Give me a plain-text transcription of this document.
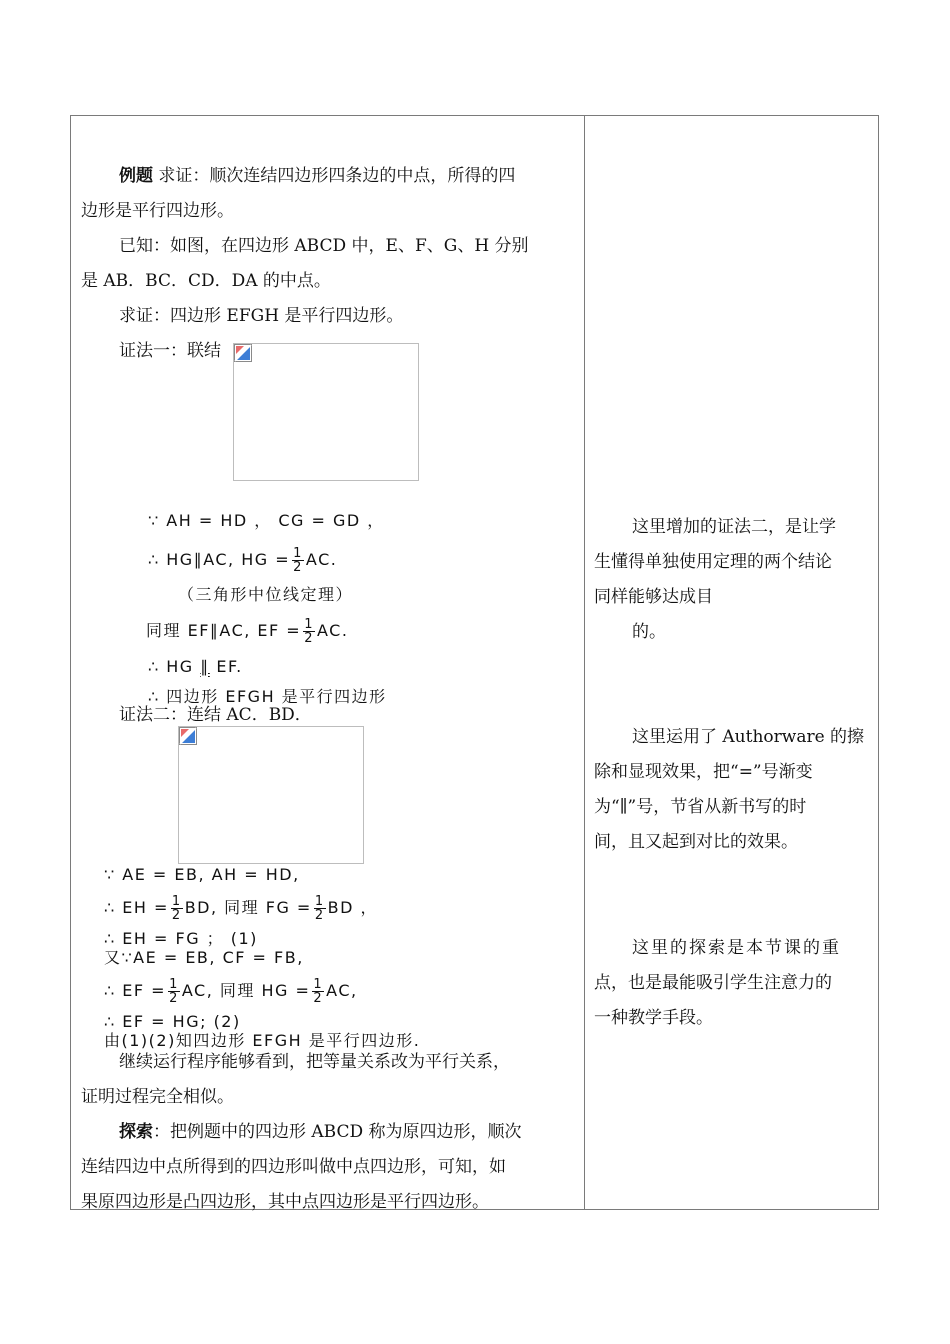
例题 求证：顺次连结四边形四条边的中点，所得的四
边形是平行四边形。
已知：如图，在四边形 ABCD 中，E、F、G、H 分别
是 AB．BC．CD．DA 的中点。
求证：四边形 EFGH 是平行四边形。
证法一：联结
∵ AH = HD ， CG = GD ，
∴ HG∥AC, HG = $\frac{1}{2}$ AC.
（三角形中位线定理）
同理 EF∥AC, EF = $\frac{1}{2}$ AC.
∴ HG ∥ EF.
∴ 四边形 EFGH 是平行四边形
证法二：连结 AC．BD．
∵ AE = EB, AH = HD,
∴ EH = $\frac{1}{2}$ BD, 同理 FG = $\frac{1}{2}$ BD ，
∴ EH = FG ； (1)
又∵AE = EB, CF = FB,
∴ EF = $\frac{1}{2}$ AC, 同理 HG = $\frac{1}{2}$ AC,
∴ EF = HG; (2)
由(1)(2)知四边形 EFGH 是平行四边形.
继续运行程序能够看到，把等量关系改为平行关系，
证明过程完全相似。
探索：把例题中的四边形 ABCD 称为原四边形，顺次
连结四边中点所得到的四边形叫做中点四边形，可知，如
果原四边形是凸四边形，其中点四边形是平行四边形。
这里增加的证法二，是让学
生懂得单独使用定理的两个结论
同样能够达成目
的。
这里运用了 Authorware 的擦
除和显现效果，把“=”号渐变
为“∥”号，节省从新书写的时
间，且又起到对比的效果。
这里的探索是本节课的重
点，也是最能吸引学生注意力的
一种教学手段。
